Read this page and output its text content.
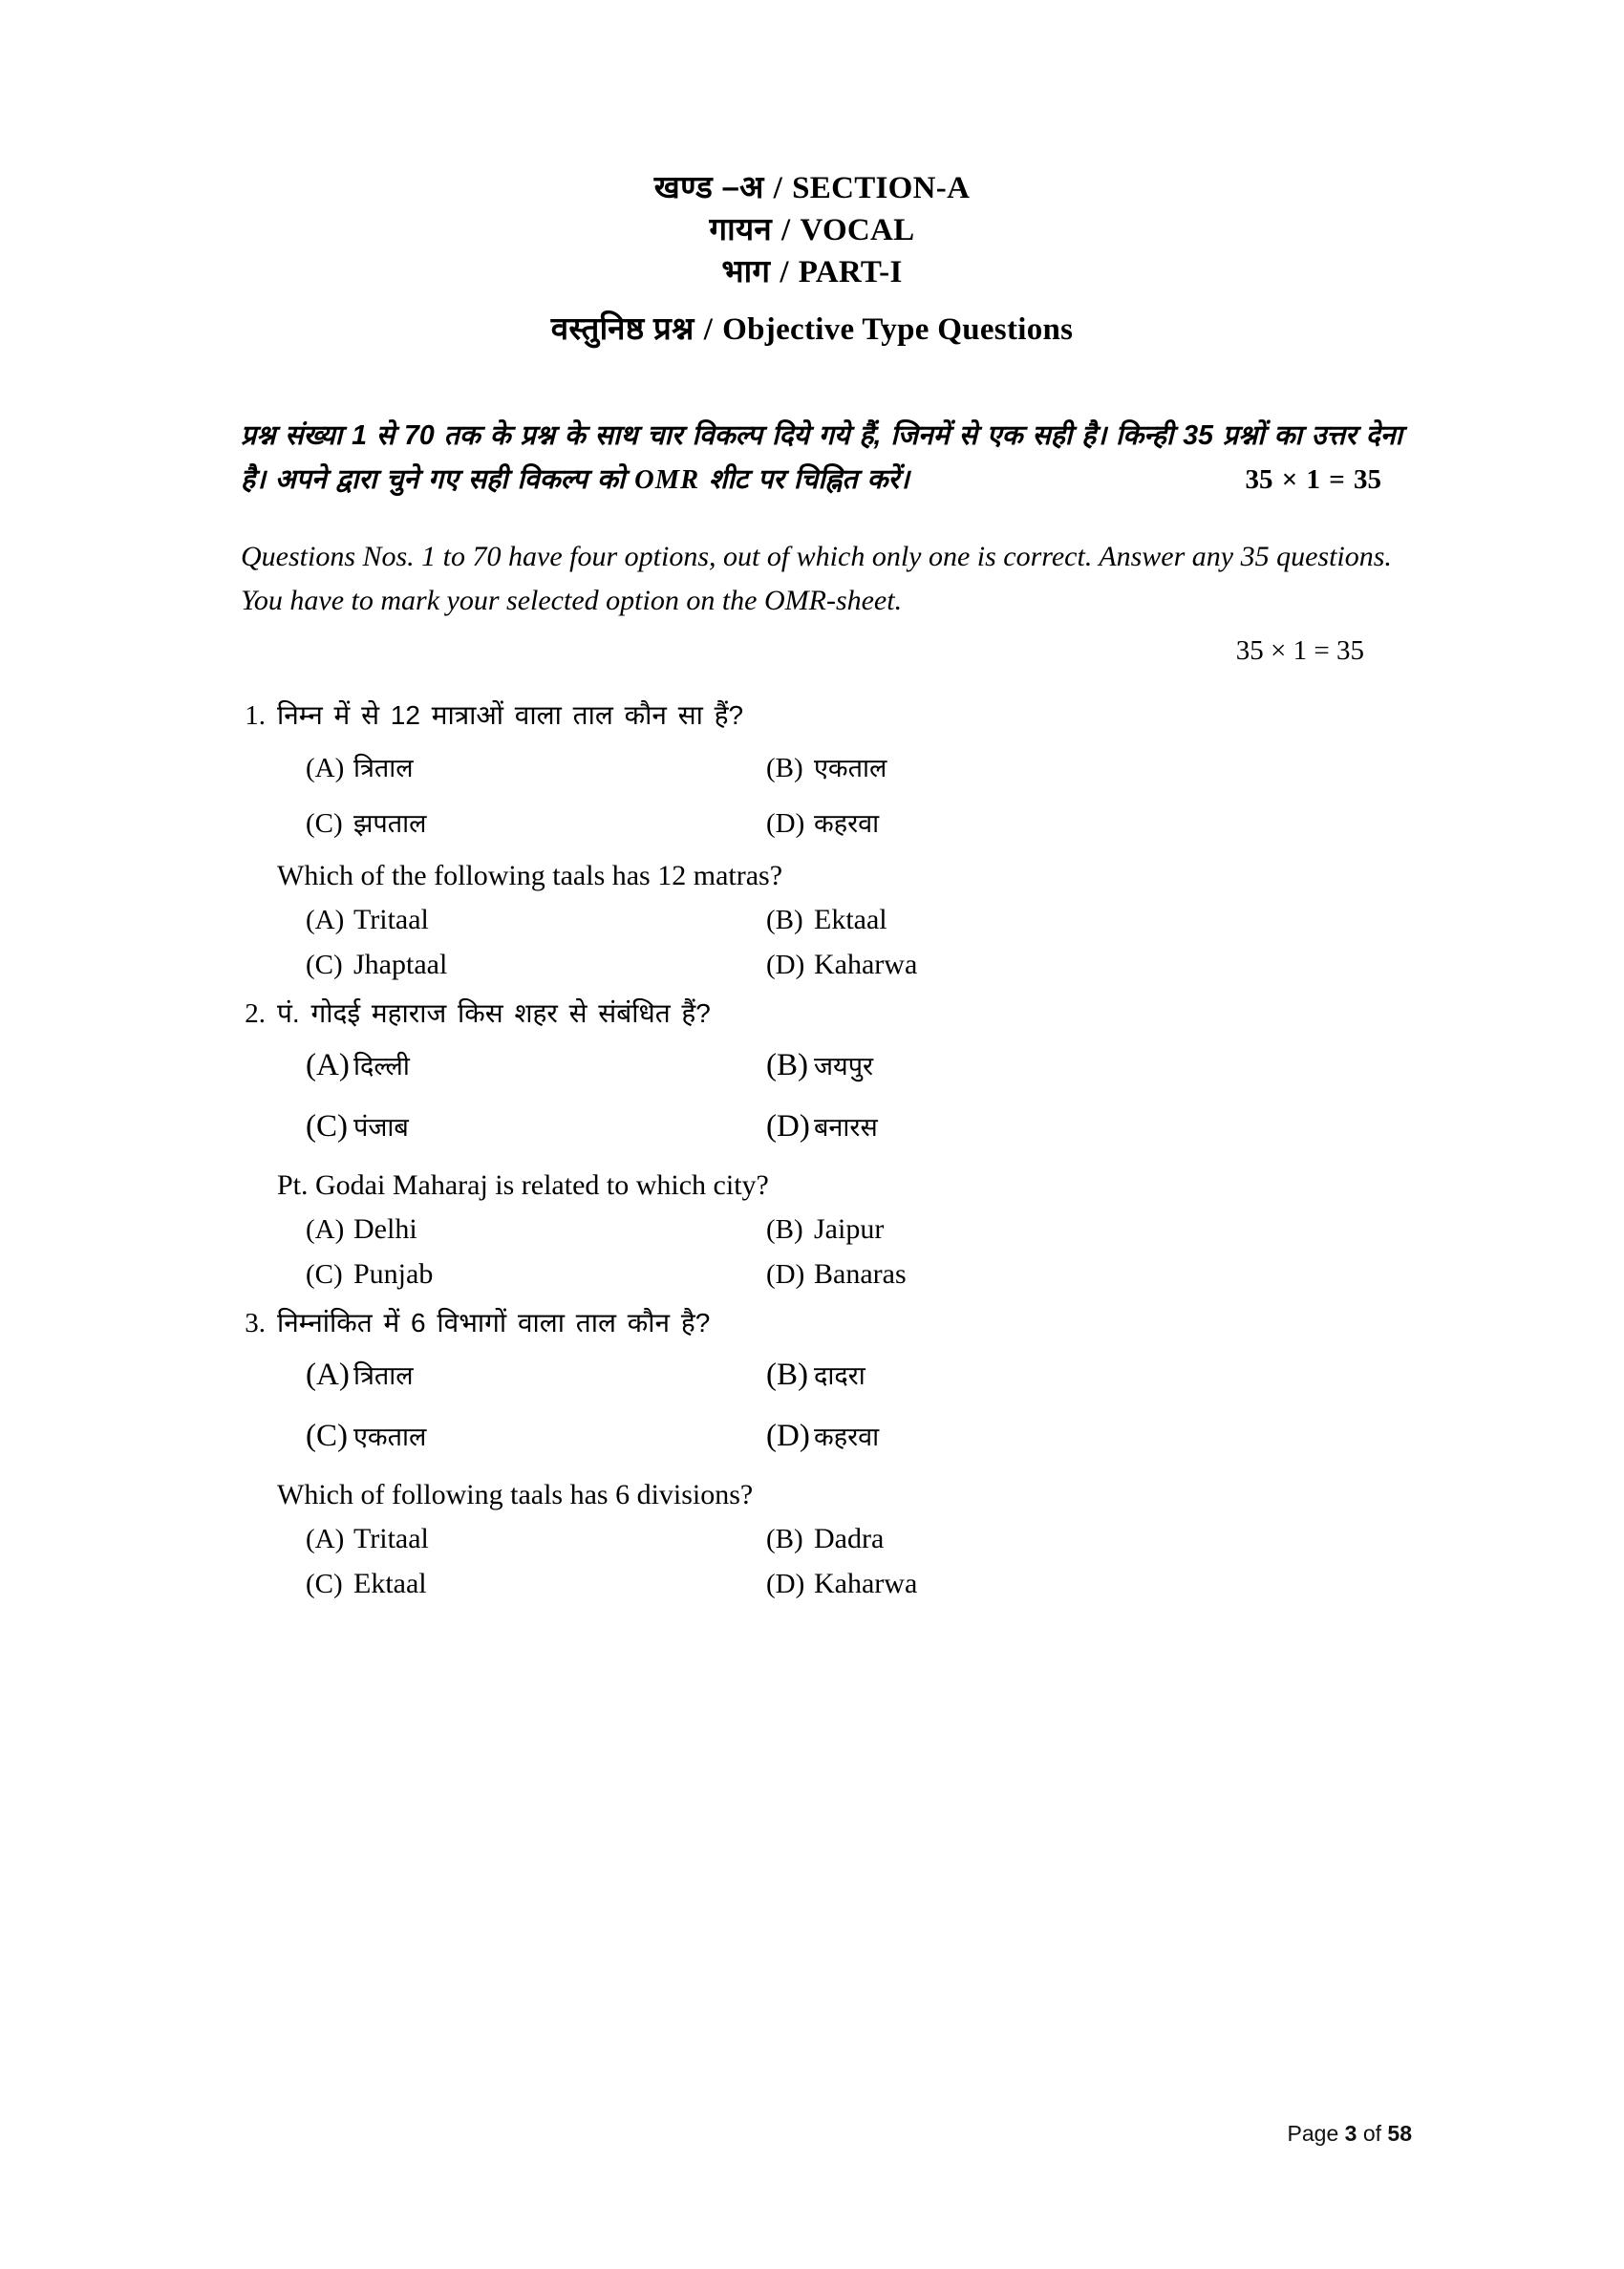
खण्ड –अ / SECTION-A
गायन / VOCAL
भाग / PART-I
वस्तुनिष्ठ प्रश्न / Objective Type Questions
प्रश्न संख्या 1 से 70 तक के प्रश्न के साथ चार विकल्प दिये गये हैं, जिनमें से एक सही है। किन्ही 35 प्रश्नों का उत्तर देना है। अपने द्वारा चुने गए सही विकल्प को OMR शीट पर चिह्नित करें।	35 × 1 = 35
Questions Nos. 1 to 70 have four options, out of which only one is correct. Answer any 35 questions. You have to mark your selected option on the OMR-sheet.
35 × 1 = 35
1. निम्न में से 12 मात्राओं वाला ताल कौन सा हैं?
(A) त्रिताल	(B) एकताल
(C) झपताल	(D) कहरवा
Which of the following taals has 12 matras?
(A) Tritaal	(B) Ektaal
(C) Jhaptaal	(D) Kaharwa
2. पं. गोदई महाराज किस शहर से संबंधित हैं?
(A) दिल्ली	(B) जयपुर
(C) पंजाब	(D) बनारस
Pt. Godai Maharaj is related to which city?
(A) Delhi	(B) Jaipur
(C) Punjab	(D) Banaras
3. निम्नांकित में 6 विभागों वाला ताल कौन है?
(A) त्रिताल	(B) दादरा
(C) एकताल	(D) कहरवा
Which of following taals has 6 divisions?
(A) Tritaal	(B) Dadra
(C) Ektaal	(D) Kaharwa
Page 3 of 58
